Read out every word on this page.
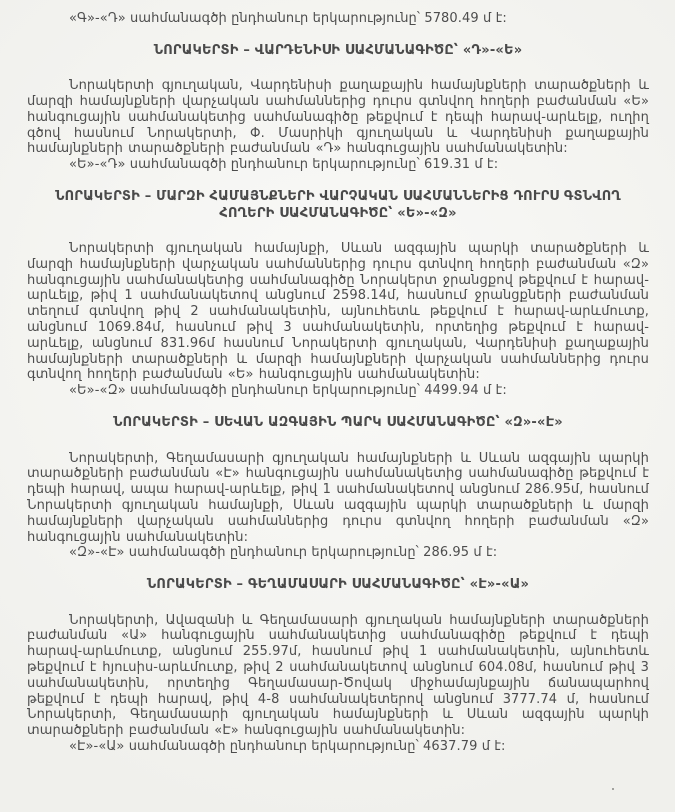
«Գ»-«Դ» սահմանագծի ընդհանուր երկարությունը՝ 5780.49 մ է:

ՆՈՐԱԿԵՐՏԻ – ՎԱՐԴԵՆԻՍԻ ՍԱՀՄԱՆԱԳԻԾԸ՝ «Դ»-«Ե»

Նորակերտի գյուղական, Վարդենիսի քաղաքային համայնքների տարածքների և մարզի համայնքների վարչական սահմաններից դուրս գտնվող հողերի բաժանման «Ե» հանգուցային սահմանակետից սահմանագիծը թեքվում է դեպի հարավ-արևելք, ուղիղ գծով հասնում Նորակերտի, Փ. Մասրիկի գյուղական և Վարդենիսի քաղաքային համայնքների տարածքների բաժանման «Դ» հանգուցային սահմանակետին:

«Ե»-«Դ» սահմանագծի ընդհանուր երկարությունը՝ 619.31 մ է:

ՆՈՐԱԿԵՐՏԻ – ՄԱՐԶԻ ՀԱՄԱՅՆՔՆԵՐԻ ՎԱՐՉԱԿԱՆ ՍԱՀՄԱՆՆԵՐԻՑ ԴՈՒՐՍ ԳՏՆՎՈՂ ՀՈՂԵՐԻ ՍԱՀՄԱՆԱԳԻԾԸ՝ «Ե»-«Զ»

Նորակերտի գյուղական համայնքի, Սևան ազգային պարկի տարածքների և մարզի համայնքների վարչական սահմաններից դուրս գտնվող հողերի բաժանման «Զ» հանգուցային սահմանակետից սահմանագիծը Նորակերտ ջրանցքով թեքվում է հարավ-արևելք, թիվ 1 սահմանակետով անցնում 2598.14մ, հասնում ջրանցքների բաժանման տեղում գտնվող թիվ 2 սահմանակետին, այնուհետև թեքվում է հարավ-արևմուտք, անցնում 1069.84մ, հասնում թիվ 3 սահմանակետին, որտեղից թեքվում է հարավ-արևելք, անցնում 831.96մ հասնում Նորակերտի գյուղական, Վարդենիսի քաղաքային համայնքների տարածքների և մարզի համայնքների վարչական սահմաններից դուրս գտնվող հողերի բաժանման «Ե» հանգուցային սահմանակետին:

«Ե»-«Զ» սահմանագծի ընդհանուր երկարությունը՝ 4499.94 մ է:

ՆՈՐԱԿԵՐՏԻ – ՍԵՎԱՆ ԱԶԳԱՅԻՆ ՊԱՐԿ ՍԱՀՄԱՆԱԳԻԾԸ՝ «Զ»-«Է»

Նորակերտի, Գեղամասարի գյուղական համայնքների և Սևան ազգային պարկի տարածքների բաժանման «Է» հանգուցային սահմանակետից սահմանագիծը թեքվում է դեպի հարավ, ապա հարավ-արևելք, թիվ 1 սահմանակետով անցնում 286.95մ, հասնում Նորակերտի գյուղական համայնքի, Սևան ազգային պարկի տարածքների և մարզի համայնքների վարչական սահմաններից դուրս գտնվող հողերի բաժանման «Զ» հանգուցային սահմանակետին:

«Զ»-«Է» սահմանագծի ընդհանուր երկարությունը՝ 286.95 մ է:

ՆՈՐԱԿԵՐՏԻ – ԳԵՂԱՄԱՍԱՐԻ ՍԱՀՄԱՆԱԳԻԾԸ՝ «Է»-«Ա»

Նորակերտի, Ավազանի և Գեղամասարի գյուղական համայնքների տարածքների բաժանման «Ա» հանգուցային սահմանակետից սահմանագիծը թեքվում է դեպի հարավ-արևմուտք, անցնում 255.97մ, հասնում թիվ 1 սահմանակետին, այնուհետև թեքվում է հյուսիս-արևմուտք, թիվ 2 սահմանակետով անցնում 604.08մ, հասնում թիվ 3 սահմանակետին, որտեղից Գեղամասար-Ծովակ միջհամայնքային ճանապարհով թեքվում է դեպի հարավ, թիվ 4-8 սահմանակետերով անցնում 3777.74 մ, հասնում Նորակերտի, Գեղամասարի գյուղական համայնքների և Սևան ազգային պարկի տարածքների բաժանման «Է» հանգուցային սահմանակետին:

«Է»-«Ա» սահմանագծի ընդհանուր երկարությունը՝ 4637.79 մ է:
